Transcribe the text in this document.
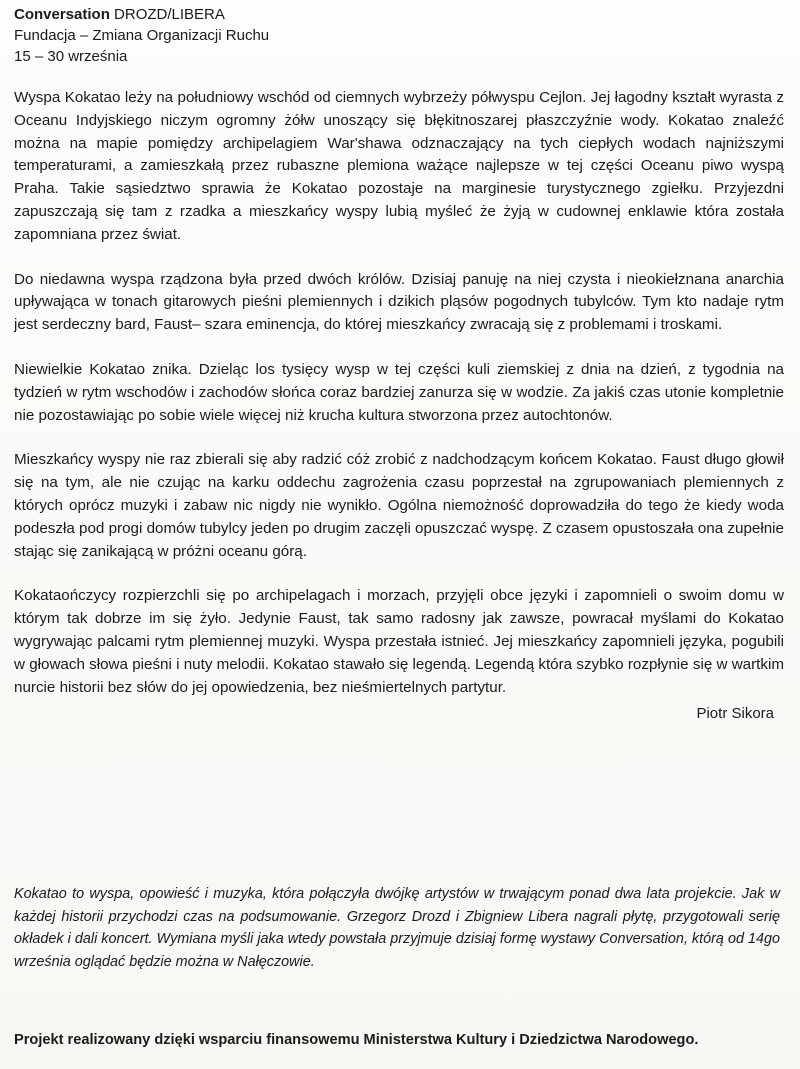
Conversation DROZD/LIBERA
Fundacja – Zmiana Organizacji Ruchu
15 – 30 września

Wyspa Kokatao leży na południowy wschód od ciemnych wybrzeży półwyspu Cejlon. Jej łagodny kształt wyrasta z Oceanu Indyjskiego niczym ogromny żółw unoszący się błękitnoszarej płaszczyźnie wody. Kokatao znaleźć można na mapie pomiędzy archipelagiem War'shawa odznaczający na tych ciepłych wodach najniższymi temperaturami, a zamieszkałą przez rubaszne plemiona ważące najlepsze w tej części Oceanu piwo wyspą Praha. Takie sąsiedztwo sprawia że Kokatao pozostaje na marginesie turystycznego zgiełku. Przyjezdni zapuszczają się tam z rzadka a mieszkańcy wyspy lubią myśleć że żyją w cudownej enklawie która została zapomniana przez świat.

Do niedawna wyspa rządzona była przed dwóch królów. Dzisiaj panuję na niej czysta i nieokiełznana anarchia upływająca w tonach gitarowych pieśni plemiennych i dzikich pląsów pogodnych tubylców. Tym kto nadaje rytm jest serdeczny bard, Faust– szara eminencja, do której mieszkańcy zwracają się z problemami i troskami.

Niewielkie Kokatao znika. Dzieląc los tysięcy wysp w tej części kuli ziemskiej z dnia na dzień, z tygodnia na tydzień w rytm wschodów i zachodów słońca coraz bardziej zanurza się w wodzie. Za jakiś czas utonie kompletnie nie pozostawiając po sobie wiele więcej niż krucha kultura stworzona przez autochtonów.

Mieszkańcy wyspy nie raz zbierali się aby radzić cóż zrobić z nadchodzącym końcem Kokatao. Faust długo głowił się na tym, ale nie czując na karku oddechu zagrożenia czasu poprzestał na zgrupowaniach plemiennych z których oprócz muzyki i zabaw nic nigdy nie wynikło. Ogólna niemożność doprowadziła do tego że kiedy woda podeszła pod progi domów tubylcy jeden po drugim zaczęli opuszczać wyspę. Z czasem opustoszała ona zupełnie stając się zanikającą w próżni oceanu górą.

Kokataończycy rozpierzchli się po archipelagach i morzach, przyjęli obce języki i zapomnieli o swoim domu w którym tak dobrze im się żyło. Jedynie Faust, tak samo radosny jak zawsze, powracał myślami do Kokatao wygrywając palcami rytm plemiennej muzyki. Wyspa przestała istnieć. Jej mieszkańcy zapomnieli języka, pogubili w głowach słowa pieśni i nuty melodii. Kokatao stawało się legendą. Legendą która szybko rozpłynie się w wartkim nurcie historii bez słów do jej opowiedzenia, bez nieśmiertelnych partytur.

Piotr Sikora
Kokatao to wyspa, opowieść i muzyka, która połączyła dwójkę artystów w trwającym ponad dwa lata projekcie. Jak w każdej historii przychodzi czas na podsumowanie. Grzegorz Drozd i Zbigniew Libera nagrali płytę, przygotowali serię okładek i dali koncert. Wymiana myśli jaka wtedy powstała przyjmuje dzisiaj formę wystawy Conversation, którą od 14go września oglądać będzie można w Nałęczowie.
Projekt realizowany dzięki wsparciu finansowemu Ministerstwa Kultury i Dziedzictwa Narodowego.
